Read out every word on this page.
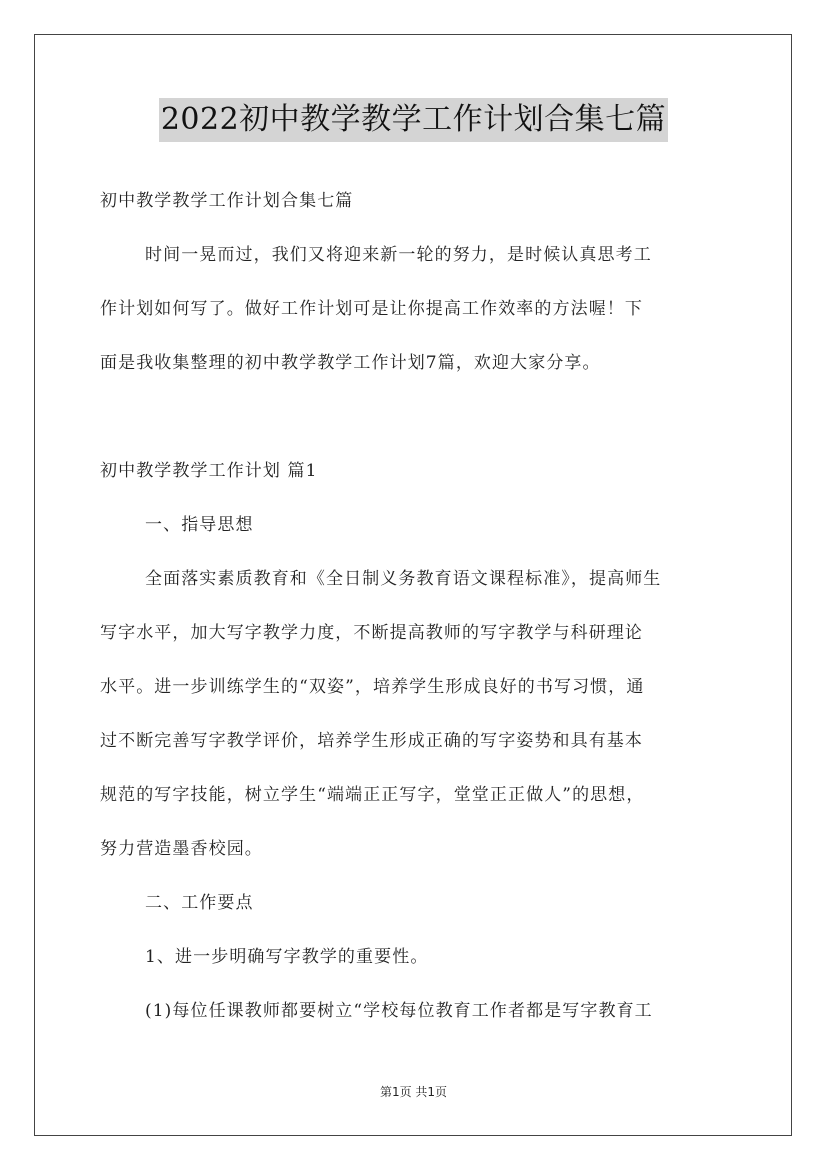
2022初中教学教学工作计划合集七篇

初中教学教学工作计划合集七篇

时间一晃而过，我们又将迎来新一轮的努力，是时候认真思考工

作计划如何写了。做好工作计划可是让你提高工作效率的方法喔！下

面是我收集整理的初中教学教学工作计划7篇，欢迎大家分享。

初中教学教学工作计划 篇1

一、指导思想

全面落实素质教育和《全日制义务教育语文课程标准》，提高师生

写字水平，加大写字教学力度，不断提高教师的写字教学与科研理论

水平。进一步训练学生的“双姿”，培养学生形成良好的书写习惯，通

过不断完善写字教学评价，培养学生形成正确的写字姿势和具有基本

规范的写字技能，树立学生“端端正正写字，堂堂正正做人”的思想，

努力营造墨香校园。

二、工作要点

1、进一步明确写字教学的重要性。

(1)每位任课教师都要树立“学校每位教育工作者都是写字教育工

第1页 共1页
